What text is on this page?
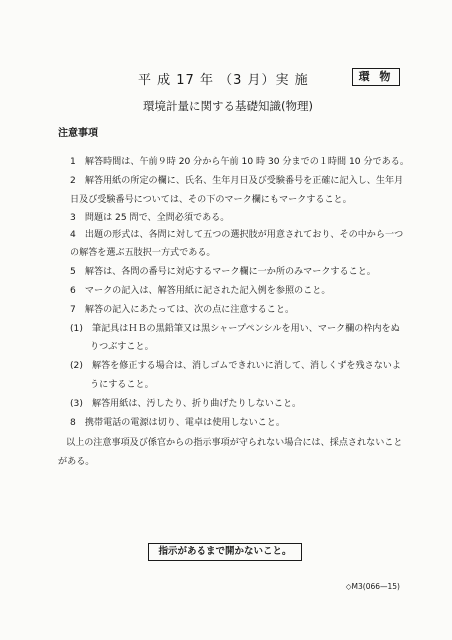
平 成 17 年 （3 月）実 施	環 物
環境計量に関する基礎知識(物理)
注意事項
1　解答時間は、午前９時 20 分から午前 10 時 30 分までの１時間 10 分である。
2　解答用紙の所定の欄に、氏名、生年月日及び受験番号を正確に記入し、生年月
日及び受験番号については、その下のマーク欄にもマークすること。
3　問題は 25 問で、全問必須である。
4　出題の形式は、各問に対して五つの選択肢が用意されており、その中から一つ
の解答を選ぶ五肢択一方式である。
5　解答は、各問の番号に対応するマーク欄に一か所のみマークすること。
6　マークの記入は、解答用紙に記された記入例を参照のこと。
7　解答の記入にあたっては、次の点に注意すること。
(1)　筆記具はＨＢの黒鉛筆又は黒シャープペンシルを用い、マーク欄の枠内をぬ
りつぶすこと。
(2)　解答を修正する場合は、消しゴムできれいに消して、消しくずを残さないよ
うにすること。
(3)　解答用紙は、汚したり、折り曲げたりしないこと。
8　携帯電話の電源は切り、電卓は使用しないこと。
以上の注意事項及び係官からの指示事項が守られない場合には、採点されないこと
がある。
指示があるまで開かないこと。
◇M3(066—15)
